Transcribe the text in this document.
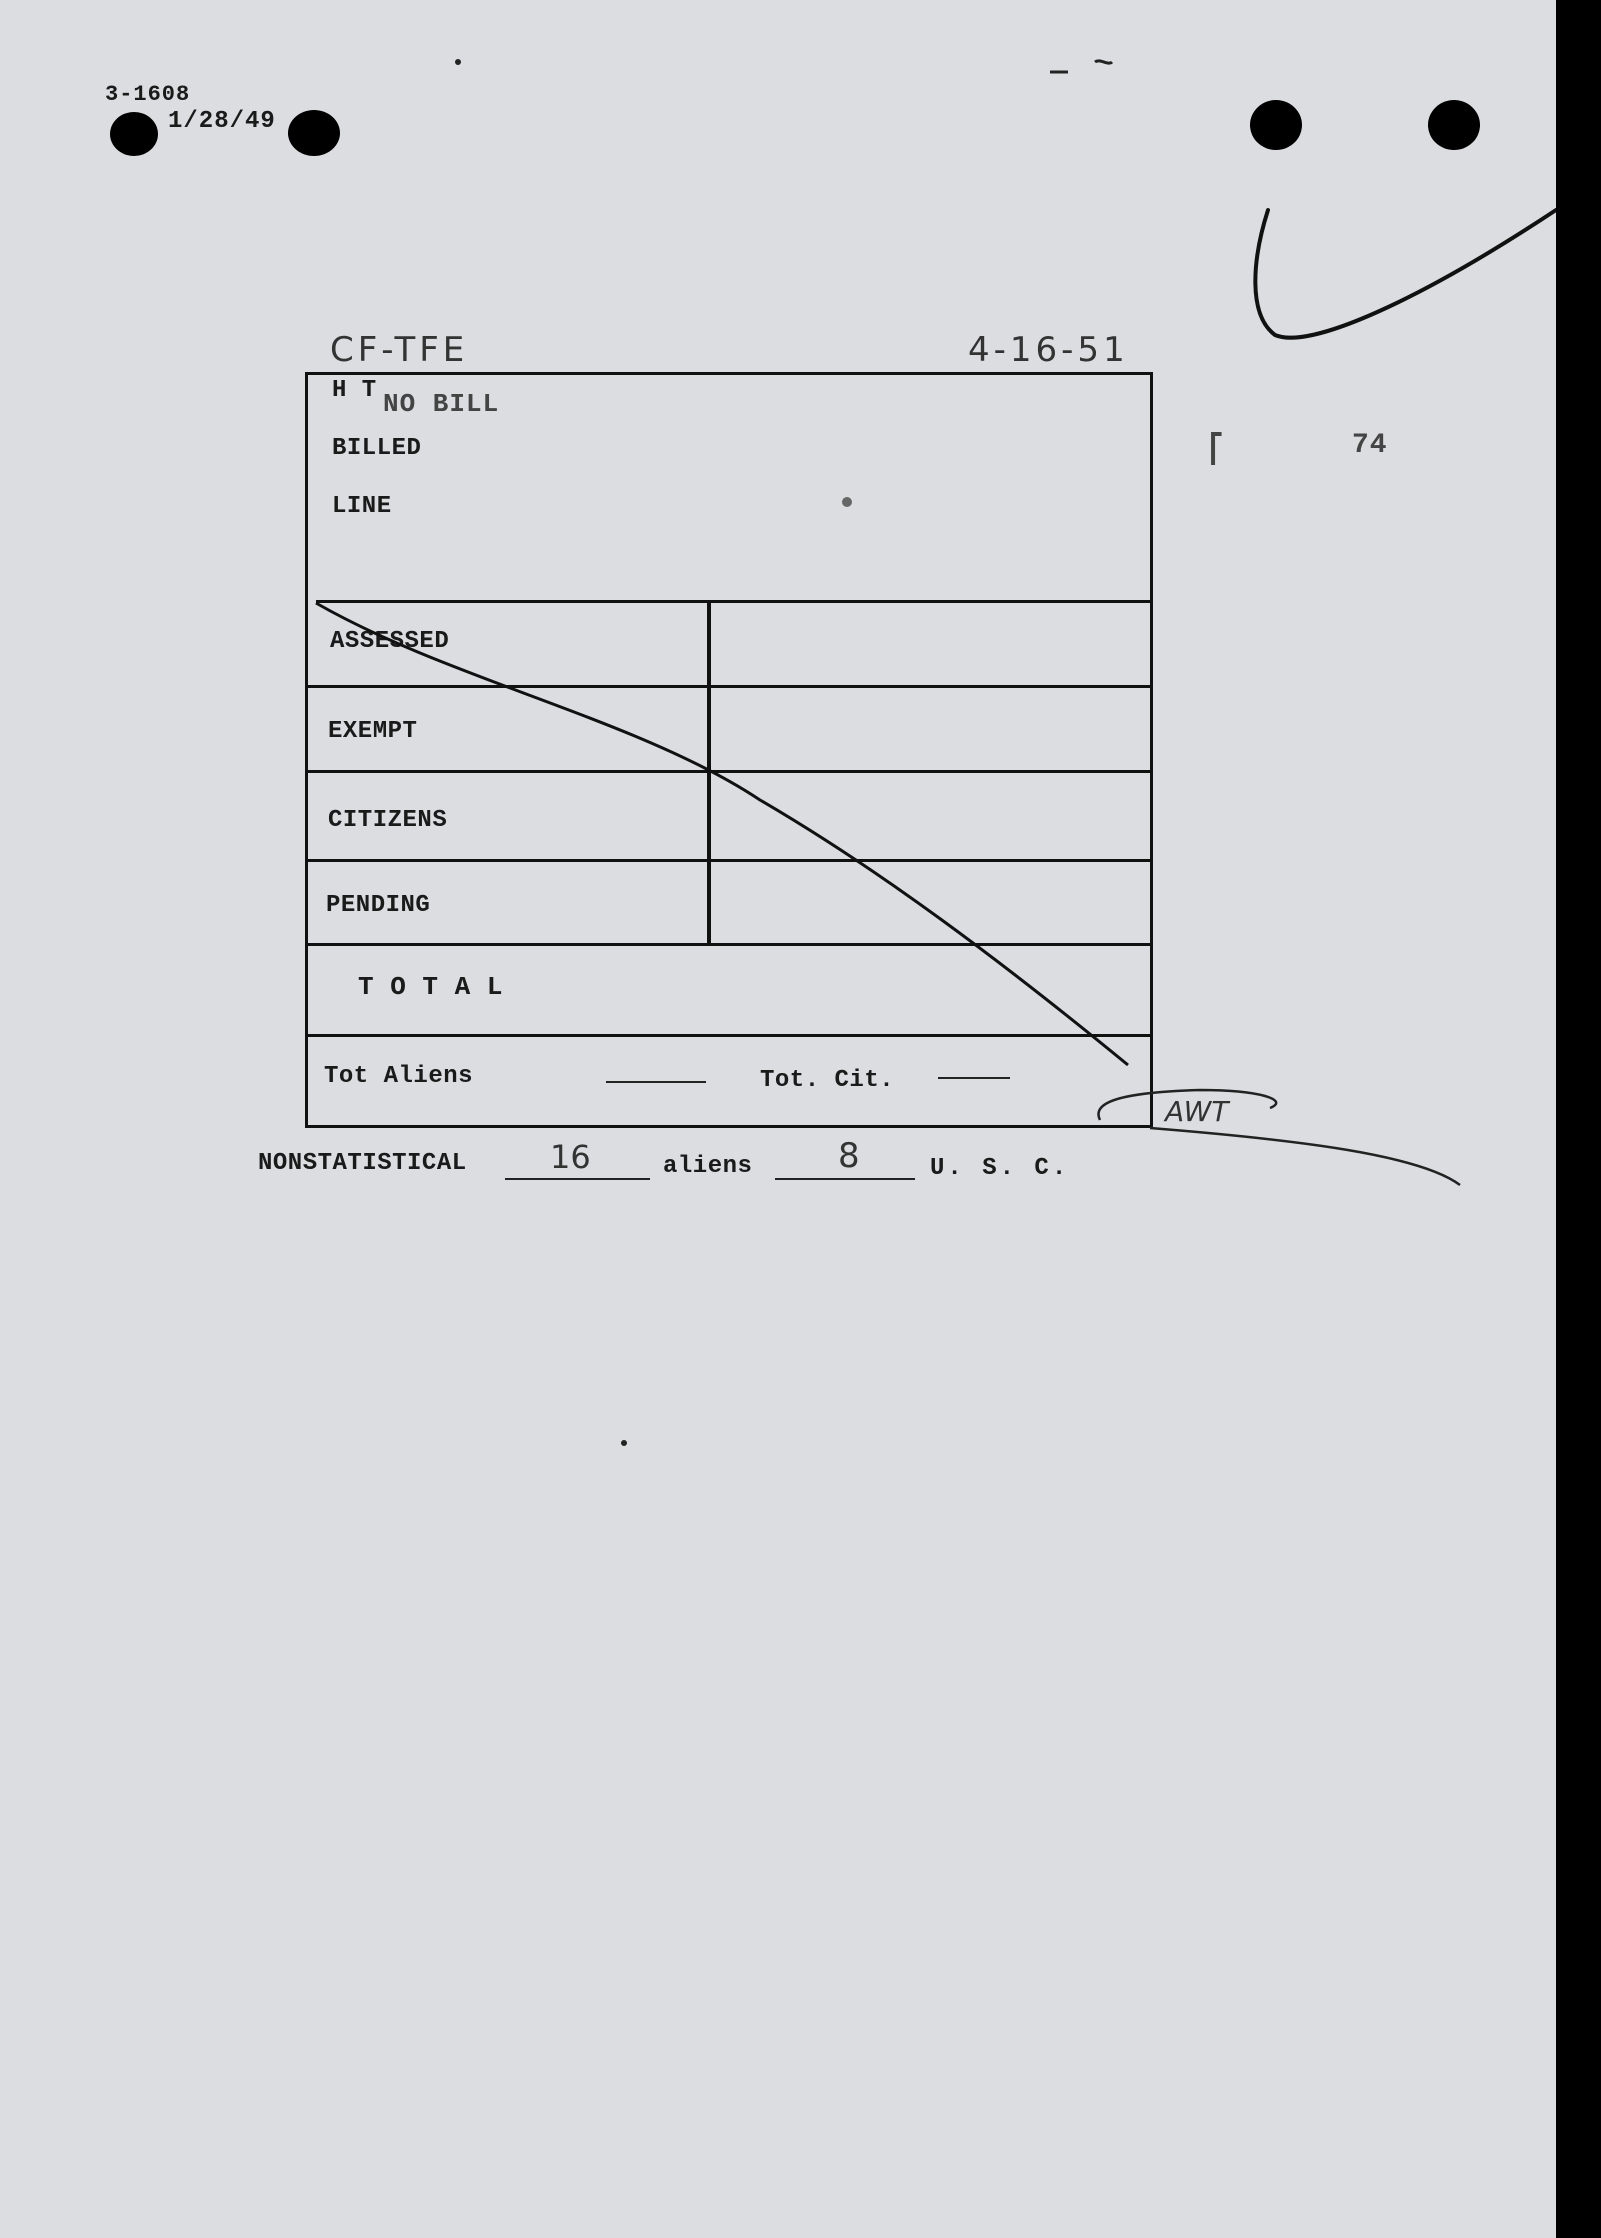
3-1608
1/28/49
CF-TFE	4-16-51
74
⎡
H T NO BILL
BILLED
LINE
ASSESSED
EXEMPT
CITIZENS
PENDING
T O T A L
Tot Aliens	Tot. Cit.
NONSTATISTICAL	16	aliens	8	U. S. C.
AWT
